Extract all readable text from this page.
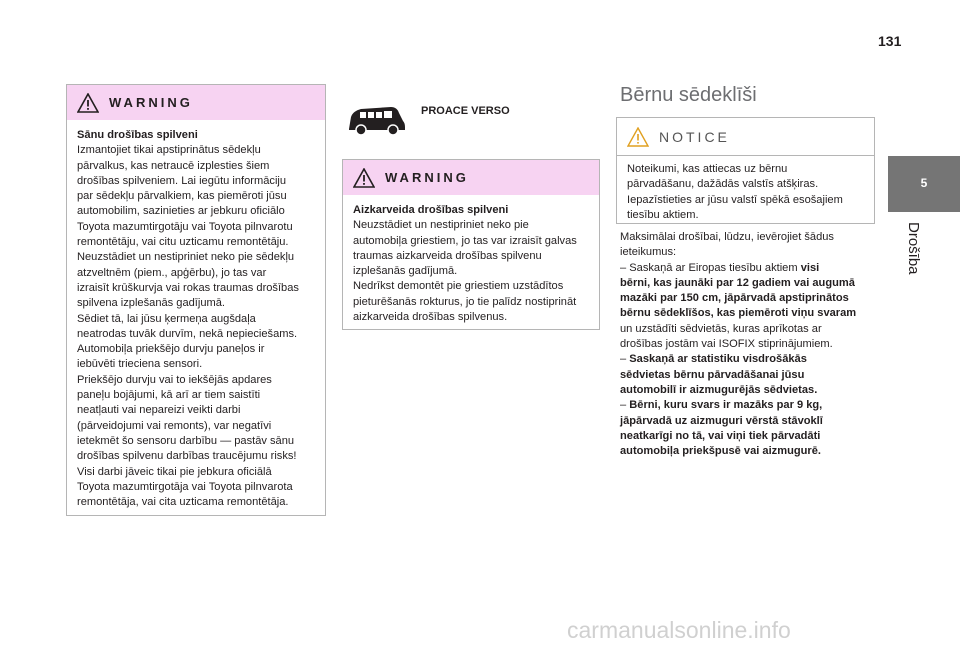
131
5
Drošība
WARNING
Sānu drošības spilveni
Izmantojiet tikai apstiprinātus sēdekļu
pārvalkus, kas netraucē izplesties šiem
drošības spilveniem. Lai iegūtu informāciju
par sēdekļu pārvalkiem, kas piemēroti jūsu
automobilim, sazinieties ar jebkuru oficiālo
Toyota mazumtirgotāju vai Toyota pilnvarotu
remontētāju, vai citu uzticamu remontētāju.
Neuzstādiet un nestipriniet neko pie sēdekļu
atzveltnēm (piem., apģērbu), jo tas var
izraisīt krūškurvja vai rokas traumas drošības
spilvena izplešanās gadījumā.
Sēdiet tā, lai jūsu ķermeņa augšdaļa
neatrodas tuvāk durvīm, nekā nepieciešams.
Automobiļa priekšējo durvju paneļos ir
iebūvēti trieciena sensori.
Priekšējo durvju vai to iekšējās apdares
paneļu bojājumi, kā arī ar tiem saistīti
neatļauti vai nepareizi veikti darbi
(pārveidojumi vai remonts), var negatīvi
ietekmēt šo sensoru darbību — pastāv sānu
drošības spilvenu darbības traucējumu risks!
Visi darbi jāveic tikai pie jebkura oficiālā
Toyota mazumtirgotāja vai Toyota pilnvarota
remontētāja, vai cita uzticama remontētāja.
PROACE VERSO
WARNING
Aizkarveida drošības spilveni
Neuzstādiet un nestipriniet neko pie
automobiļa griestiem, jo tas var izraisīt galvas
traumas aizkarveida drošības spilvenu
izplešanās gadījumā.
Nedrīkst demontēt pie griestiem uzstādītos
pieturēšanās rokturus, jo tie palīdz nostiprināt
aizkarveida drošības spilvenus.
Bērnu sēdeklīši
NOTICE
Noteikumi, kas attiecas uz bērnu
pārvadāšanu, dažādās valstīs atšķiras.
Iepazīstieties ar jūsu valstī spēkā esošajiem
tiesību aktiem.

Maksimālai drošībai, lūdzu, ievērojiet šādus

ieteikumus:

– Saskaņā ar Eiropas tiesību aktiem visi

bērni, kas jaunāki par 12 gadiem vai augumā

mazāki par 150 cm, jāpārvadā apstiprinātos

bērnu sēdeklīšos, kas piemēroti viņu svaram

un uzstādīti sēdvietās, kuras aprīkotas ar

drošības jostām vai ISOFIX stiprinājumiem.

– Saskaņā ar statistiku visdrošākās

sēdvietas bērnu pārvadāšanai jūsu

automobilī ir aizmugurējās sēdvietas.

– Bērni, kuru svars ir mazāks par 9 kg,

jāpārvadā uz aizmuguri vērstā stāvoklī

neatkarīgi no tā, vai viņi tiek pārvadāti

automobiļa priekšpusē vai aizmugurē.

carmanualsonline.info
